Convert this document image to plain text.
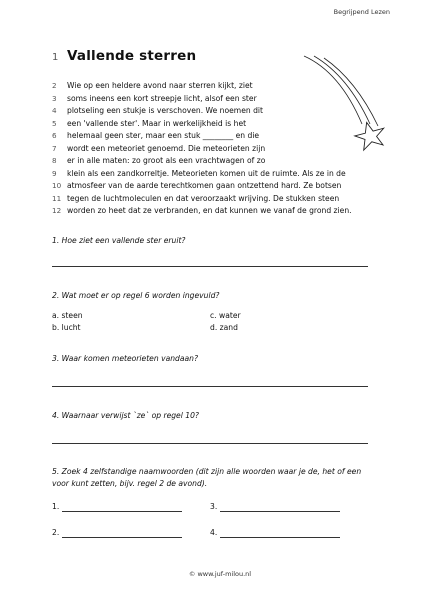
Begrijpend Lezen
1 Vallende sterren
2	Wie op een heldere avond naar sterren kijkt, ziet
3	soms ineens een kort streepje licht, alsof een ster
4	plotseling een stukje is verschoven. We noemen dit
5	een 'vallende ster'. Maar in werkelijkheid is het
6	helemaal geen ster, maar een stuk ________ en die
7	wordt een meteoriet genoemd. Die meteorieten zijn
8	er in alle maten: zo groot als een vrachtwagen of zo
9	klein als een zandkorreltje. Meteorieten komen uit de ruimte. Als ze in de
10 atmosfeer van de aarde terechtkomen gaan ontzettend hard. Ze botsen
11 tegen de luchtmoleculen en dat veroorzaakt wrijving. De stukken steen
12 worden zo heet dat ze verbranden, en dat kunnen we vanaf de grond zien.
1. Hoe ziet een vallende ster eruit?
2. Wat moet er op regel 6 worden ingevuld?
a. steen	c. water
b. lucht	d. zand
3. Waar komen meteorieten vandaan?
4. Waarnaar verwijst `ze` op regel 10?
5. Zoek 4 zelfstandige naamwoorden (dit zijn alle woorden waar je de, het of een
voor kunt zetten, bijv. regel 2 de avond).
1.	3.
2.	4.
© www.juf-milou.nl
